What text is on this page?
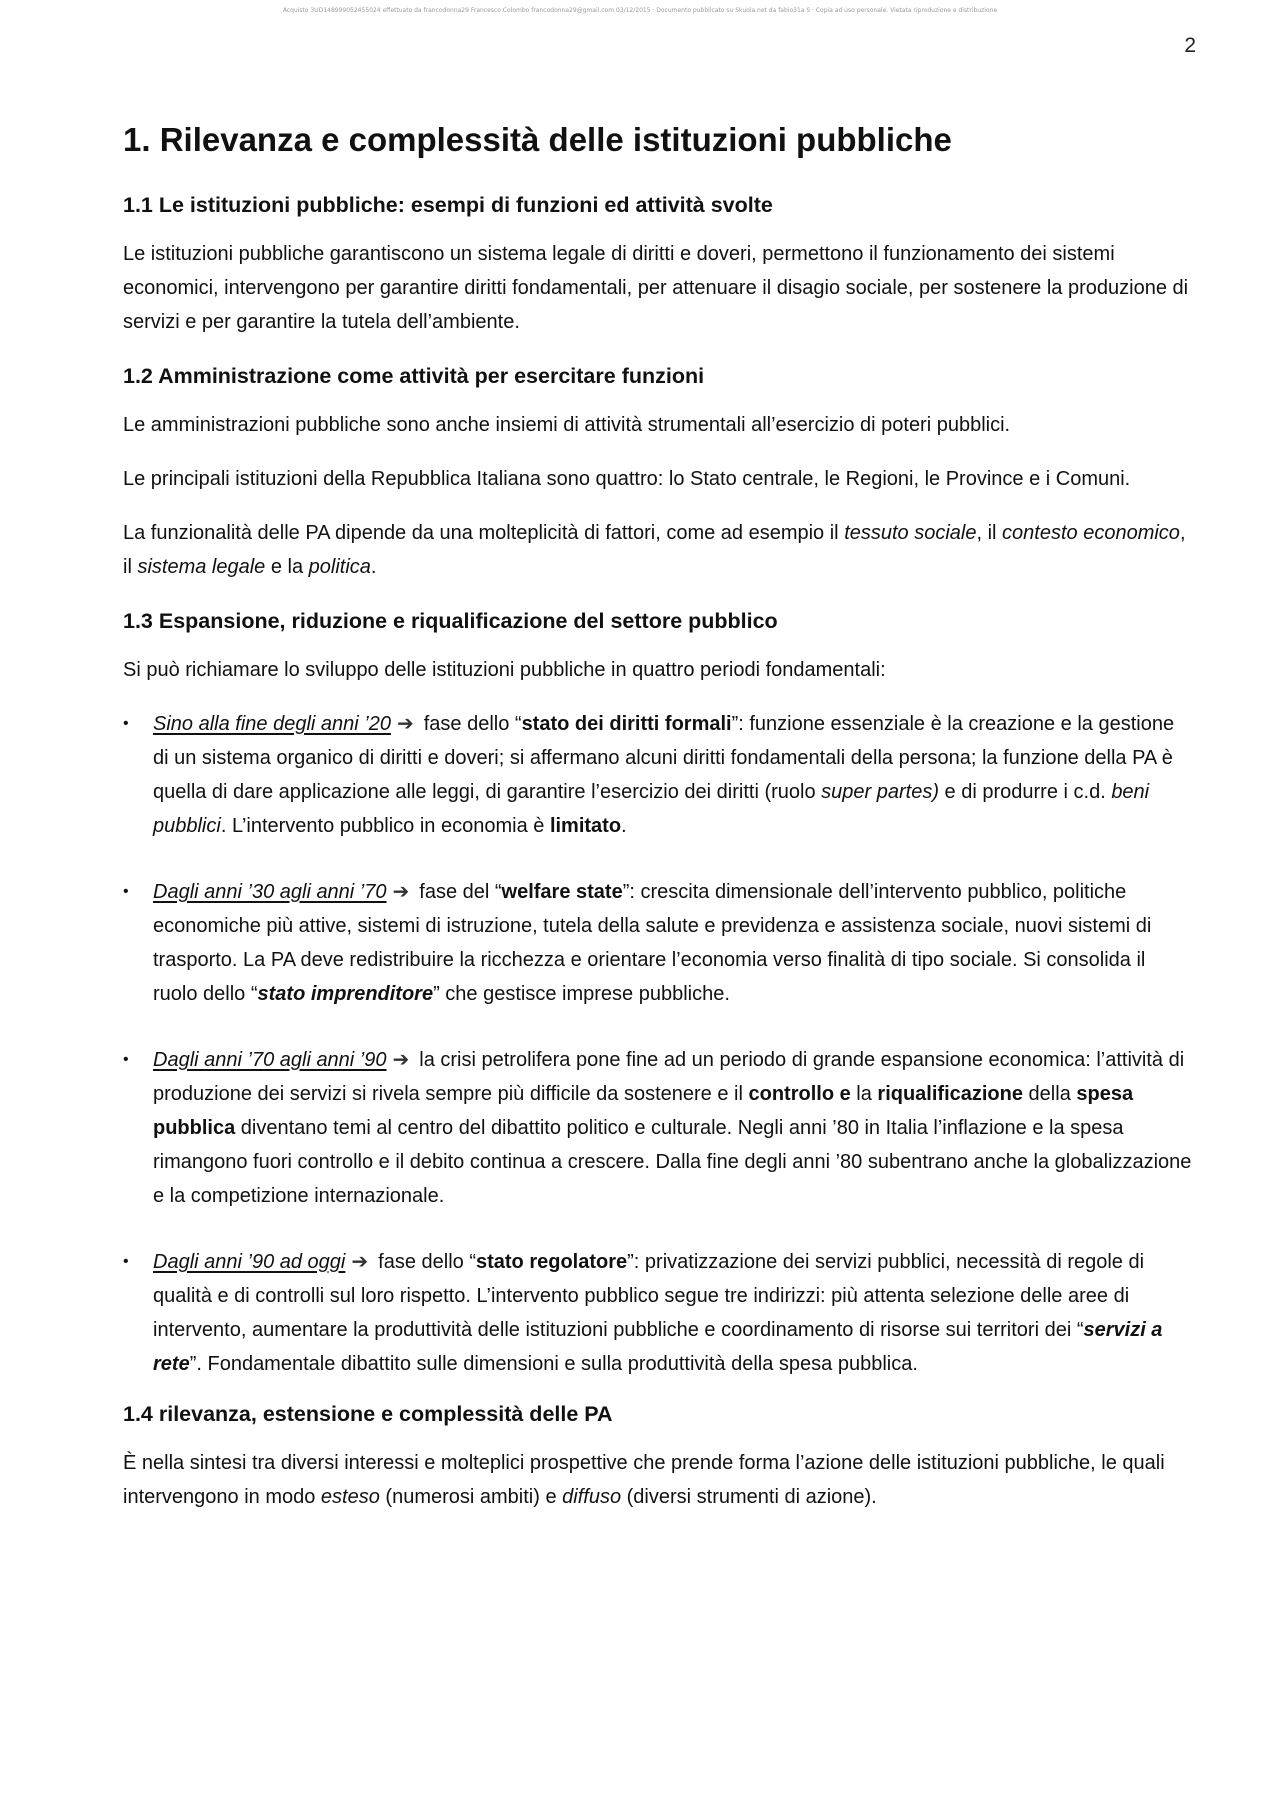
Acquisto 3UD148999052455024 effettuato da francodonna29 Francesco Colombo francodonna29@gmail.com 03/12/2015 · Documento pubblicato su Skuola.net da fabio31a S · Copia ad uso personale. Vietata riproduzione e distribuzione
2
1. Rilevanza e complessità delle istituzioni pubbliche
1.1 Le istituzioni pubbliche: esempi di funzioni ed attività svolte

Le istituzioni pubbliche garantiscono un sistema legale di diritti e doveri, permettono il funzionamento dei sistemi economici, intervengono per garantire diritti fondamentali, per attenuare il disagio sociale, per sostenere la produzione di servizi e per garantire la tutela dell’ambiente.

1.2 Amministrazione come attività per esercitare funzioni

Le amministrazioni pubbliche sono anche insiemi di attività strumentali all’esercizio di poteri pubblici.

Le principali istituzioni della Repubblica Italiana sono quattro: lo Stato centrale, le Regioni, le Province e i Comuni.

La funzionalità delle PA dipende da una molteplicità di fattori, come ad esempio il tessuto sociale, il contesto economico, il sistema legale e la politica.

1.3 Espansione, riduzione e riqualificazione del settore pubblico

Si può richiamare lo sviluppo delle istituzioni pubbliche in quattro periodi fondamentali:

• Sino alla fine degli anni ’20 ➔ fase dello “stato dei diritti formali”: funzione essenziale è la creazione e la gestione di un sistema organico di diritti e doveri; si affermano alcuni diritti fondamentali della persona; la funzione della PA è quella di dare applicazione alle leggi, di garantire l’esercizio dei diritti (ruolo super partes) e di produrre i c.d. beni pubblici. L’intervento pubblico in economia è limitato.
• Dagli anni ’30 agli anni ’70 ➔ fase del “welfare state”: crescita dimensionale dell’intervento pubblico, politiche economiche più attive, sistemi di istruzione, tutela della salute e previdenza e assistenza sociale, nuovi sistemi di trasporto. La PA deve redistribuire la ricchezza e orientare l’economia verso finalità di tipo sociale. Si consolida il ruolo dello “stato imprenditore” che gestisce imprese pubbliche.
• Dagli anni ’70 agli anni ’90 ➔ la crisi petrolifera pone fine ad un periodo di grande espansione economica: l’attività di produzione dei servizi si rivela sempre più difficile da sostenere e il controllo e la riqualificazione della spesa pubblica diventano temi al centro del dibattito politico e culturale. Negli anni ’80 in Italia l’inflazione e la spesa rimangono fuori controllo e il debito continua a crescere. Dalla fine degli anni ’80 subentrano anche la globalizzazione e la competizione internazionale.
• Dagli anni ’90 ad oggi ➔ fase dello “stato regolatore”: privatizzazione dei servizi pubblici, necessità di regole di qualità e di controlli sul loro rispetto. L’intervento pubblico segue tre indirizzi: più attenta selezione delle aree di intervento, aumentare la produttività delle istituzioni pubbliche e coordinamento di risorse sui territori dei “servizi a rete”. Fondamentale dibattito sulle dimensioni e sulla produttività della spesa pubblica.
1.4 rilevanza, estensione e complessità delle PA

È nella sintesi tra diversi interessi e molteplici prospettive che prende forma l’azione delle istituzioni pubbliche, le quali intervengono in modo esteso (numerosi ambiti) e diffuso (diversi strumenti di azione).
